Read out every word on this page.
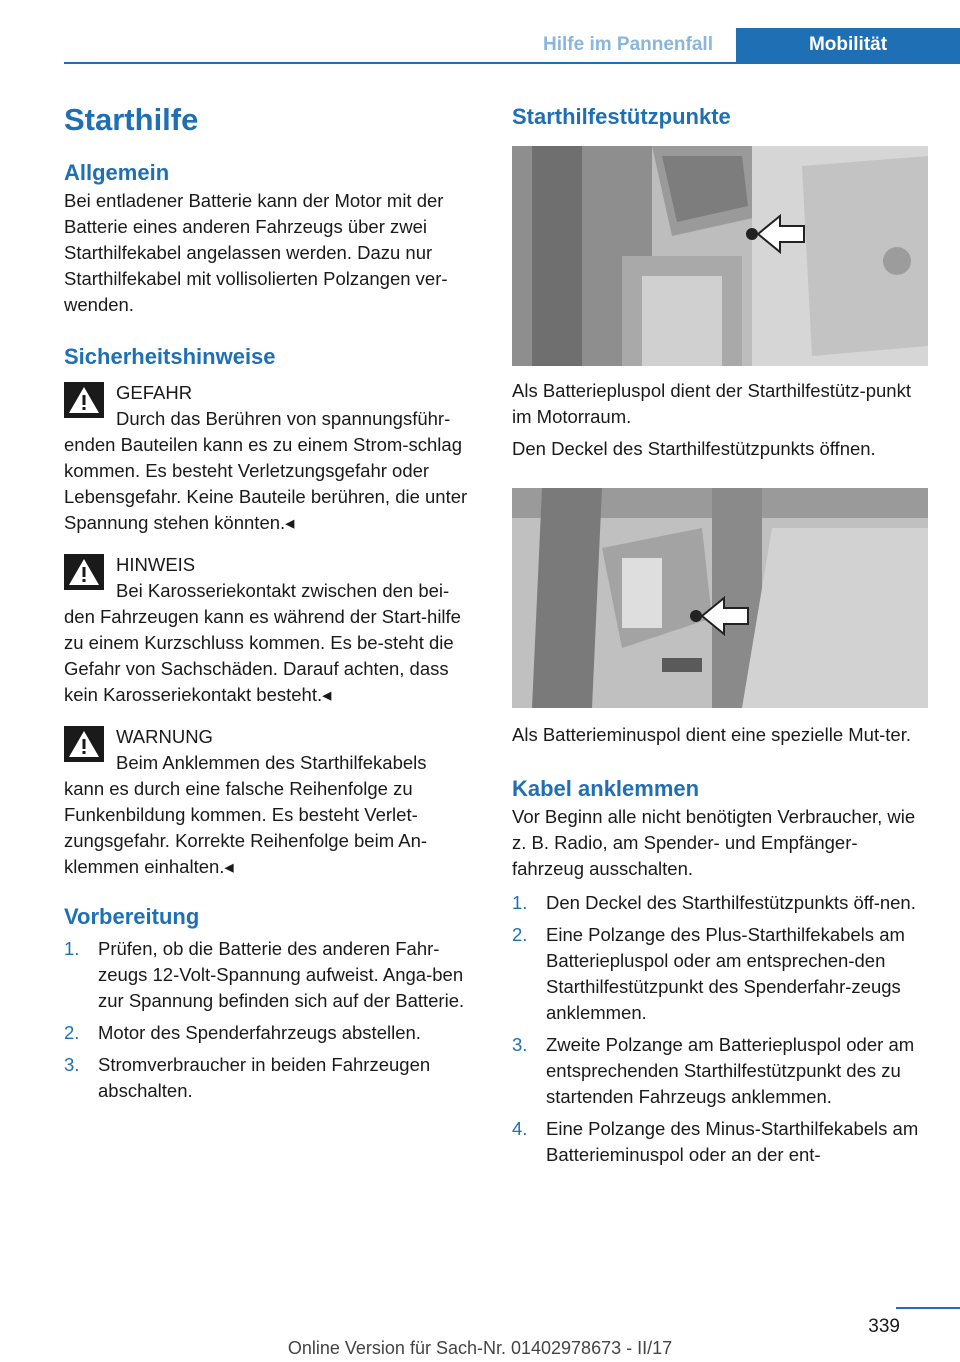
Hilfe im Pannenfall	Mobilität
Starthilfe
Allgemein

Bei entladener Batterie kann der Motor mit der Batterie eines anderen Fahrzeugs über zwei Starthilfekabel angelassen werden. Dazu nur Starthilfekabel mit vollisolierten Polzangen ver-wenden.

Sicherheitshinweise
GEFAHR
Durch das Berühren von spannungsführ-
enden Bauteilen kann es zu einem Strom-schlag kommen. Es besteht Verletzungsgefahr oder Lebensgefahr. Keine Bauteile berühren, die unter Spannung stehen könnten.◂
HINWEIS
Bei Karosseriekontakt zwischen den bei-
den Fahrzeugen kann es während der Start-hilfe zu einem Kurzschluss kommen. Es be-steht die Gefahr von Sachschäden. Darauf achten, dass kein Karosseriekontakt besteht.◂
WARNUNG
Beim Anklemmen des Starthilfekabels
kann es durch eine falsche Reihenfolge zu Funkenbildung kommen. Es besteht Verlet-zungsgefahr. Korrekte Reihenfolge beim An-klemmen einhalten.◂
Vorbereitung
1. Prüfen, ob die Batterie des anderen Fahr-zeugs 12-Volt-Spannung aufweist. Anga-ben zur Spannung befinden sich auf der Batterie.
2. Motor des Spenderfahrzeugs abstellen.
3. Stromverbraucher in beiden Fahrzeugen abschalten.
Starthilfestützpunkte

Als Batteriepluspol dient der Starthilfestütz-punkt im Motorraum.

Den Deckel des Starthilfestützpunkts öffnen.

Als Batterieminuspol dient eine spezielle Mut-ter.

Kabel anklemmen

Vor Beginn alle nicht benötigten Verbraucher, wie z. B. Radio, am Spender- und Empfänger-fahrzeug ausschalten.

1. Den Deckel des Starthilfestützpunkts öff-nen.
2. Eine Polzange des Plus-Starthilfekabels am Batteriepluspol oder am entsprechen-den Starthilfestützpunkt des Spenderfahr-zeugs anklemmen.
3. Zweite Polzange am Batteriepluspol oder am entsprechenden Starthilfestützpunkt des zu startenden Fahrzeugs anklemmen.
4. Eine Polzange des Minus-Starthilfekabels am Batterieminuspol oder an der ent-
339
Online Version für Sach-Nr. 01402978673 - II/17
